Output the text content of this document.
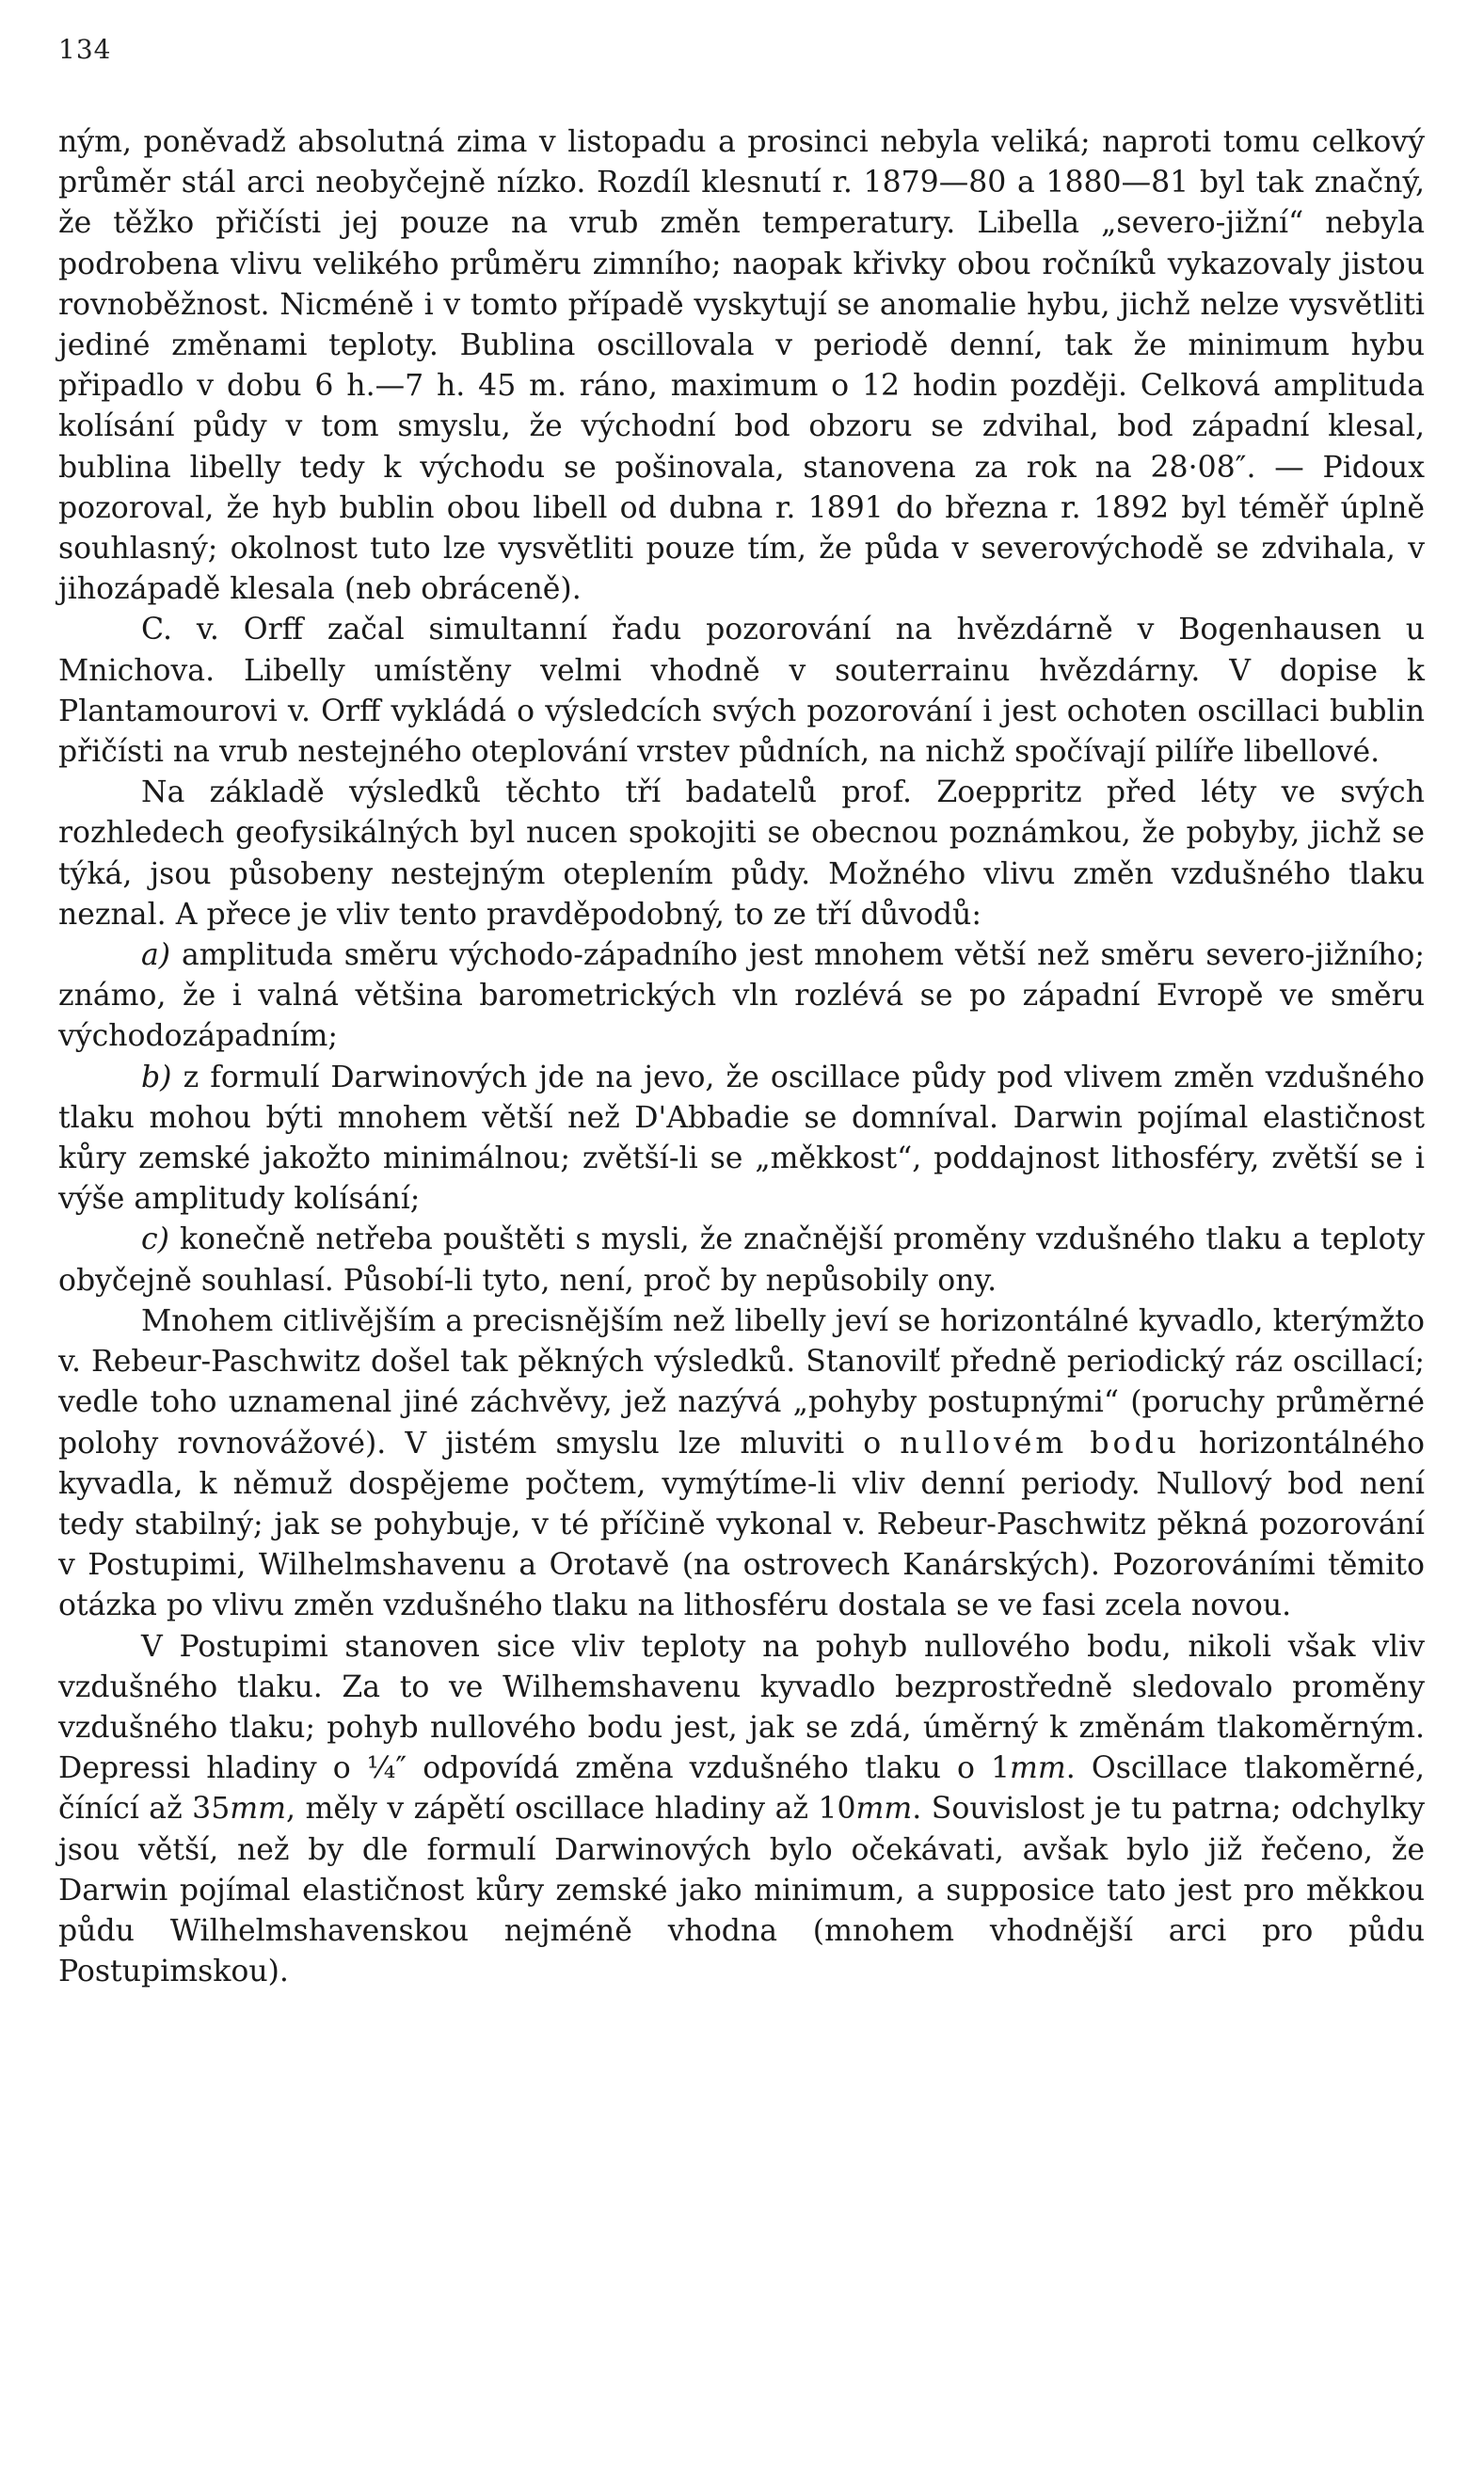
134

ným, poněvadž absolutná zima v listopadu a prosinci nebyla veliká; naproti tomu celkový průměr stál arci neobyčejně nízko. Rozdíl klesnutí r. 1879—80 a 1880—81 byl tak značný, že těžko přičísti jej pouze na vrub změn temperatury. Libella „severo-jižní“ nebyla podrobena vlivu velikého průměru zimního; naopak křivky obou ročníků vykazovaly jistou rovnoběžnost. Nicméně i v tomto případě vyskytují se anomalie hybu, jichž nelze vysvětliti jediné změnami teploty. Bublina oscillovala v periodě denní, tak že minimum hybu připadlo v dobu 6 h.—7 h. 45 m. ráno, maximum o 12 hodin později. Celková amplituda kolísání půdy v tom smyslu, že východní bod obzoru se zdvihal, bod západní klesal, bublina libelly tedy k východu se pošinovala, stanovena za rok na 28·08″. — Pidoux pozoroval, že hyb bublin obou libell od dubna r. 1891 do března r. 1892 byl téměř úplně souhlasný; okolnost tuto lze vysvětliti pouze tím, že půda v severovýchodě se zdvihala, v jihozápadě klesala (neb obráceně).

C. v. Orff začal simultanní řadu pozorování na hvězdárně v Bogenhausen u Mnichova. Libelly umístěny velmi vhodně v souterrainu hvězdárny. V dopise k Plantamourovi v. Orff vykládá o výsledcích svých pozorování i jest ochoten oscillaci bublin přičísti na vrub nestejného oteplování vrstev půdních, na nichž spočívají pilíře libellové.

Na základě výsledků těchto tří badatelů prof. Zoeppritz před léty ve svých rozhledech geofysikálných byl nucen spokojiti se obecnou poznámkou, že pobyby, jichž se týká, jsou působeny nestejným oteplením půdy. Možného vlivu změn vzdušného tlaku neznal. A přece je vliv tento pravděpodobný, to ze tří důvodů:

a) amplituda směru východo-západního jest mnohem větší než směru severo-jižního; známo, že i valná většina barometrických vln rozlévá se po západní Evropě ve směru východozápadním;

b) z formulí Darwinových jde na jevo, že oscillace půdy pod vlivem změn vzdušného tlaku mohou býti mnohem větší než D'Abbadie se domníval. Darwin pojímal elastičnost kůry zemské jakožto minimálnou; zvětší-li se „měkkost“, poddajnost lithosféry, zvětší se i výše amplitudy kolísání;

c) konečně netřeba pouštěti s mysli, že značnější proměny vzdušného tlaku a teploty obyčejně souhlasí. Působí-li tyto, není, proč by nepůsobily ony.

Mnohem citlivějším a precisnějším než libelly jeví se horizontálné kyvadlo, kterýmžto v. Rebeur-Paschwitz došel tak pěkných výsledků. Stanovilť předně periodický ráz oscillací; vedle toho uznamenal jiné záchvěvy, jež nazývá „pohyby postupnými“ (poruchy průměrné polohy rovnovážové). V jistém smyslu lze mluviti o nullovém bodu horizontálného kyvadla, k němuž dospějeme počtem, vymýtíme-li vliv denní periody. Nullový bod není tedy stabilný; jak se pohybuje, v té příčině vykonal v. Rebeur-Paschwitz pěkná pozorování v Postupimi, Wilhelmshavenu a Orotavě (na ostrovech Kanárských). Pozorováními těmito otázka po vlivu změn vzdušného tlaku na lithosféru dostala se ve fasi zcela novou.

V Postupimi stanoven sice vliv teploty na pohyb nullového bodu, nikoli však vliv vzdušného tlaku. Za to ve Wilhemshavenu kyvadlo bezprostředně sledovalo proměny vzdušného tlaku; pohyb nullového bodu jest, jak se zdá, úměrný k změnám tlakoměrným. Depressi hladiny o ¼″ odpovídá změna vzdušného tlaku o 1mm. Oscillace tlakoměrné, čínící až 35mm, měly v zápětí oscillace hladiny až 10mm. Souvislost je tu patrna; odchylky jsou větší, než by dle formulí Darwinových bylo očekávati, avšak bylo již řečeno, že Darwin pojímal elastičnost kůry zemské jako minimum, a supposice tato jest pro měkkou půdu Wilhelmshavenskou nejméně vhodna (mnohem vhodnější arci pro půdu Postupimskou).
